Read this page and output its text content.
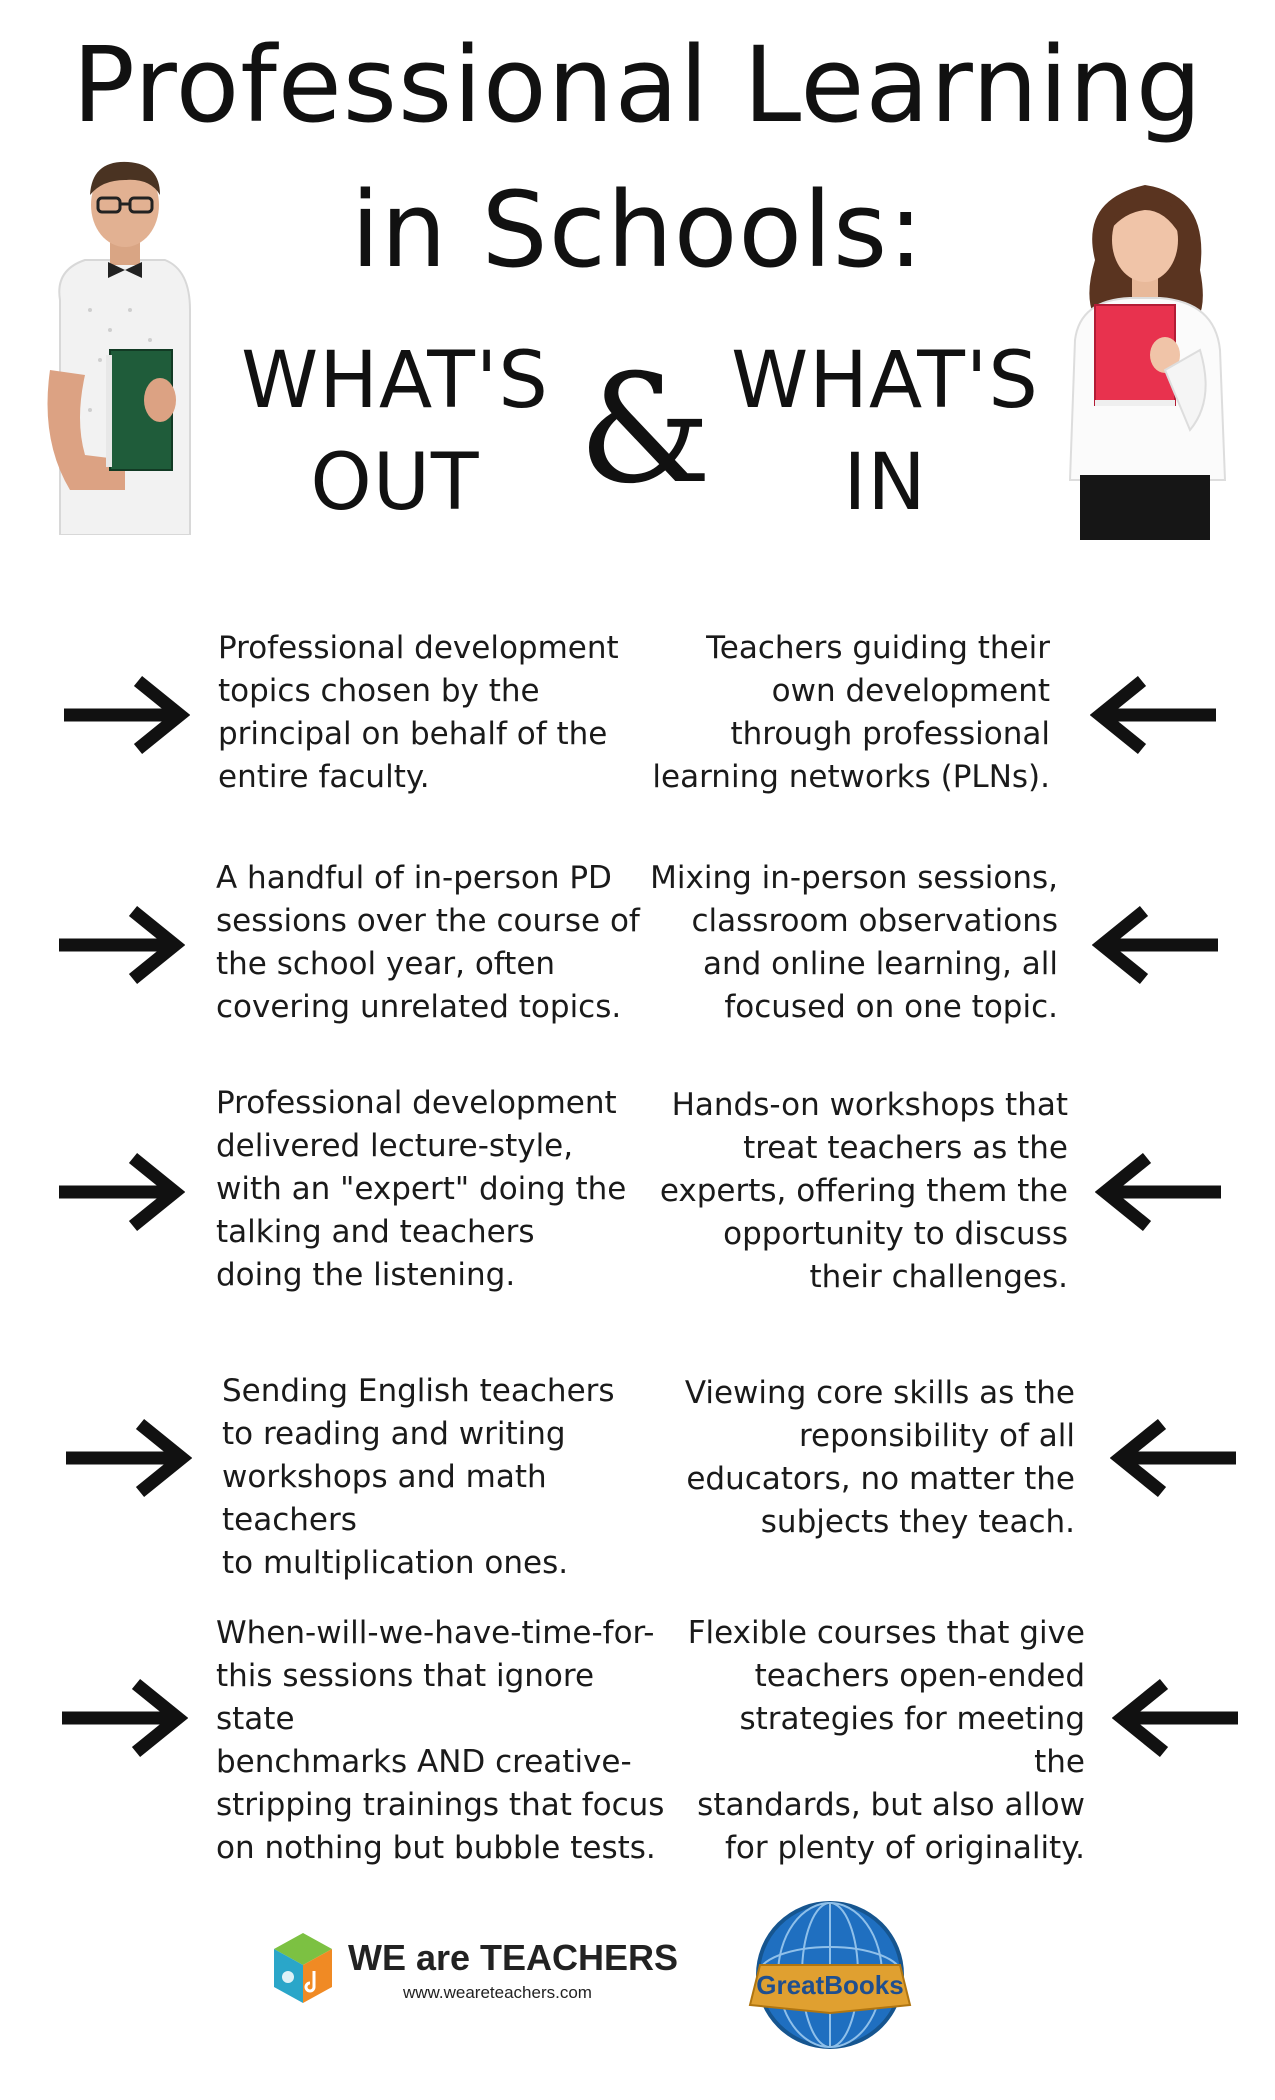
Professional Learning
in Schools:
WHAT'S
OUT & WHAT'S
IN
Professional development
topics chosen by the
principal on behalf of the
entire faculty.
Teachers guiding their
own development
through professional
learning networks (PLNs).
A handful of in-person PD
sessions over the course of
the school year, often
covering unrelated topics.
Mixing in-person sessions,
classroom observations
and online learning, all
focused on one topic.
Professional development
delivered lecture-style,
with an "expert" doing the
talking and teachers
doing the listening.
Hands-on workshops that
treat teachers as the
experts, offering them the
opportunity to discuss
their challenges.
Sending English teachers
to reading and writing
workshops and math teachers
to multiplication ones.
Viewing core skills as the
reponsibility of all
educators, no matter the
subjects they teach.
When-will-we-have-time-for-
this sessions that ignore state
benchmarks AND creative-
stripping trainings that focus
on nothing but bubble tests.
Flexible courses that give
teachers open-ended
strategies for meeting the
standards, but also allow
for plenty of originality.
WE are TEACHERS
www.weareteachers.com	GreatBooks
